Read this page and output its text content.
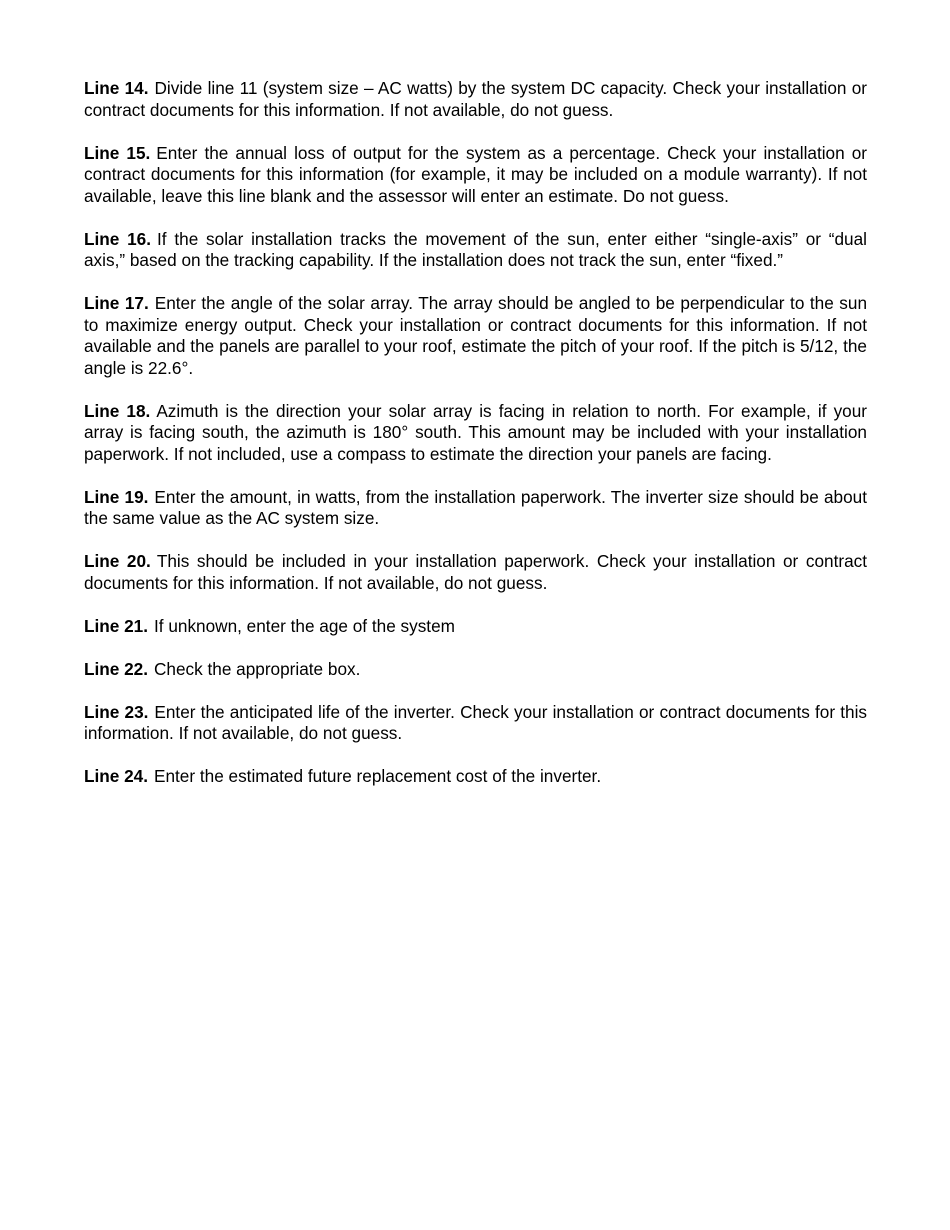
Line 14. Divide line 11 (system size – AC watts) by the system DC capacity. Check your installation or contract documents for this information. If not available, do not guess.

Line 15. Enter the annual loss of output for the system as a percentage. Check your installation or contract documents for this information (for example, it may be included on a module warranty). If not available, leave this line blank and the assessor will enter an estimate. Do not guess.

Line 16. If the solar installation tracks the movement of the sun, enter either “single-axis” or “dual axis,” based on the tracking capability. If the installation does not track the sun, enter “fixed.”

Line 17. Enter the angle of the solar array. The array should be angled to be perpendicular to the sun to maximize energy output. Check your installation or contract documents for this information. If not available and the panels are parallel to your roof, estimate the pitch of your roof. If the pitch is 5/12, the angle is 22.6°.

Line 18. Azimuth is the direction your solar array is facing in relation to north. For example, if your array is facing south, the azimuth is 180° south. This amount may be included with your installation paperwork. If not included, use a compass to estimate the direction your panels are facing.

Line 19. Enter the amount, in watts, from the installation paperwork. The inverter size should be about the same value as the AC system size.

Line 20. This should be included in your installation paperwork. Check your installation or contract documents for this information. If not available, do not guess.

Line 21. If unknown, enter the age of the system

Line 22. Check the appropriate box.

Line 23. Enter the anticipated life of the inverter. Check your installation or contract documents for this information. If not available, do not guess.

Line 24. Enter the estimated future replacement cost of the inverter.
